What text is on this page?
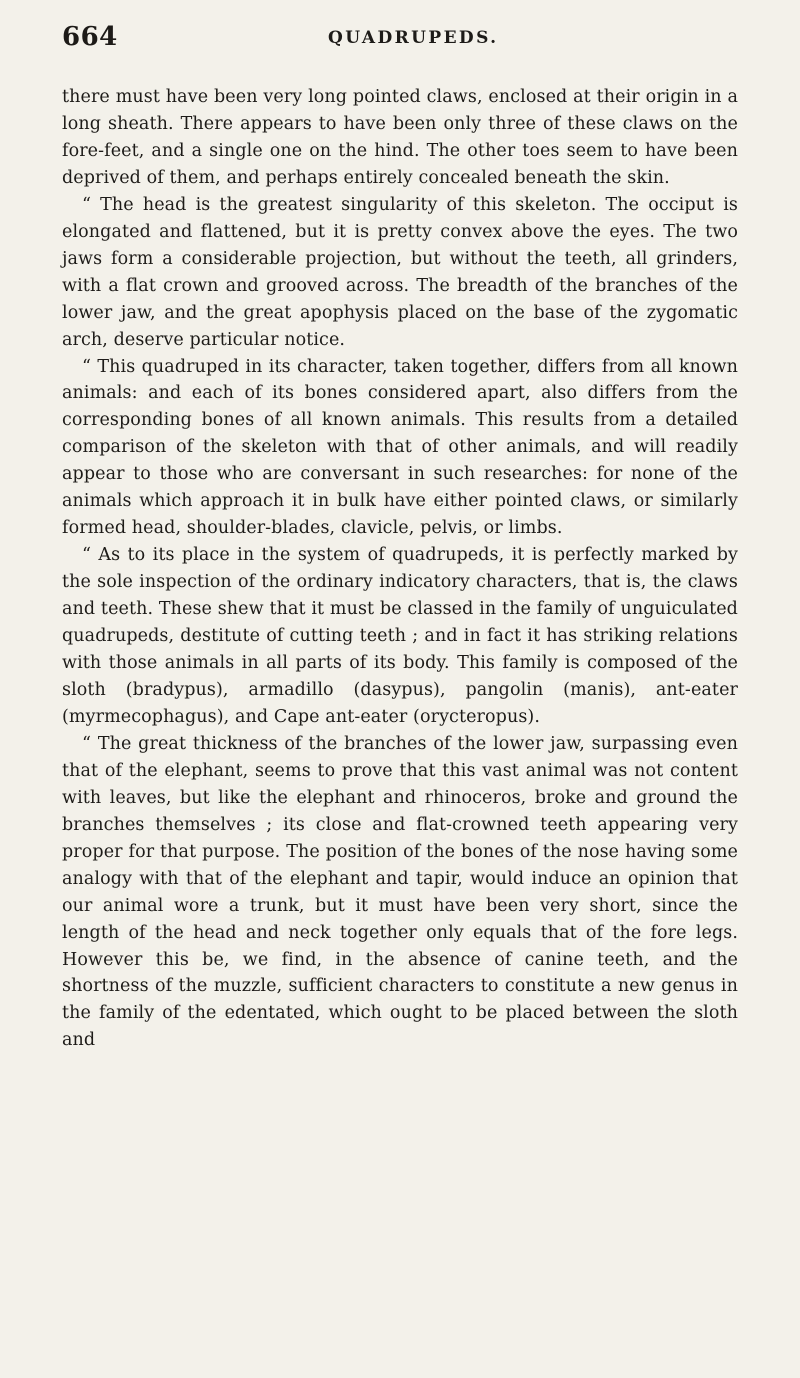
664	QUADRUPEDS.

there must have been very long pointed claws, enclosed at their origin in a long sheath. There appears to have been only three of these claws on the fore-feet, and a single one on the hind. The other toes seem to have been deprived of them, and perhaps entirely concealed beneath the skin.

“ The head is the greatest singularity of this skeleton. The occiput is elongated and flattened, but it is pretty convex above the eyes. The two jaws form a considerable projection, but without the teeth, all grinders, with a flat crown and grooved across. The breadth of the branches of the lower jaw, and the great apophysis placed on the base of the zygomatic arch, deserve particular notice.

“ This quadruped in its character, taken together, differs from all known animals: and each of its bones considered apart, also differs from the corresponding bones of all known animals. This results from a detailed comparison of the skeleton with that of other animals, and will readily appear to those who are conversant in such researches: for none of the animals which approach it in bulk have either pointed claws, or similarly formed head, shoulder-blades, clavicle, pelvis, or limbs.

“ As to its place in the system of quadrupeds, it is perfectly marked by the sole inspection of the ordinary indicatory characters, that is, the claws and teeth. These shew that it must be classed in the family of unguiculated quadrupeds, destitute of cutting teeth ; and in fact it has striking relations with those animals in all parts of its body. This family is composed of the sloth (bradypus), armadillo (dasypus), pangolin (manis), ant-eater (myrmecophagus), and Cape ant-eater (orycteropus).

“ The great thickness of the branches of the lower jaw, surpassing even that of the elephant, seems to prove that this vast animal was not content with leaves, but like the elephant and rhinoceros, broke and ground the branches themselves ; its close and flat-crowned teeth appearing very proper for that purpose. The position of the bones of the nose having some analogy with that of the elephant and tapir, would induce an opinion that our animal wore a trunk, but it must have been very short, since the length of the head and neck together only equals that of the fore legs. However this be, we find, in the absence of canine teeth, and the shortness of the muzzle, sufficient characters to constitute a new genus in the family of the edentated, which ought to be placed between the sloth and
